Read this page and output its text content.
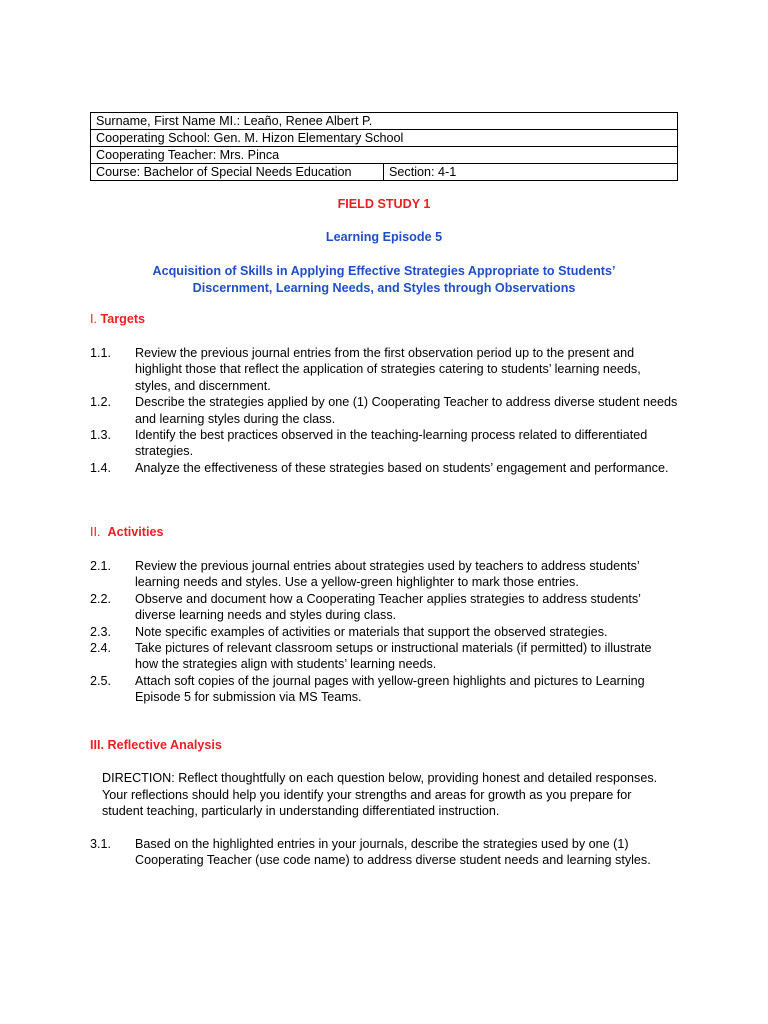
Surname, First Name MI.: Leaño, Renee Albert P.
Cooperating School: Gen. M. Hizon Elementary School
Cooperating Teacher: Mrs. Pinca
Course: Bachelor of Special Needs Education	Section: 4-1
FIELD STUDY 1
Learning Episode 5
Acquisition of Skills in Applying Effective Strategies Appropriate to Students’
Discernment, Learning Needs, and Styles through Observations
I. Targets
1.1. Review the previous journal entries from the first observation period up to the present and highlight those that reflect the application of strategies catering to students’ learning needs, styles, and discernment.
1.2. Describe the strategies applied by one (1) Cooperating Teacher to address diverse student needs and learning styles during the class.
1.3. Identify the best practices observed in the teaching-learning process related to differentiated strategies.
1.4. Analyze the effectiveness of these strategies based on students’ engagement and performance.
II. Activities
2.1. Review the previous journal entries about strategies used by teachers to address students’ learning needs and styles. Use a yellow-green highlighter to mark those entries.
2.2. Observe and document how a Cooperating Teacher applies strategies to address students’ diverse learning needs and styles during class.
2.3. Note specific examples of activities or materials that support the observed strategies.
2.4. Take pictures of relevant classroom setups or instructional materials (if permitted) to illustrate how the strategies align with students’ learning needs.
2.5. Attach soft copies of the journal pages with yellow-green highlights and pictures to Learning Episode 5 for submission via MS Teams.
III. Reflective Analysis
DIRECTION: Reflect thoughtfully on each question below, providing honest and detailed responses. Your reflections should help you identify your strengths and areas for growth as you prepare for student teaching, particularly in understanding differentiated instruction.
3.1. Based on the highlighted entries in your journals, describe the strategies used by one (1) Cooperating Teacher (use code name) to address diverse student needs and learning styles.
